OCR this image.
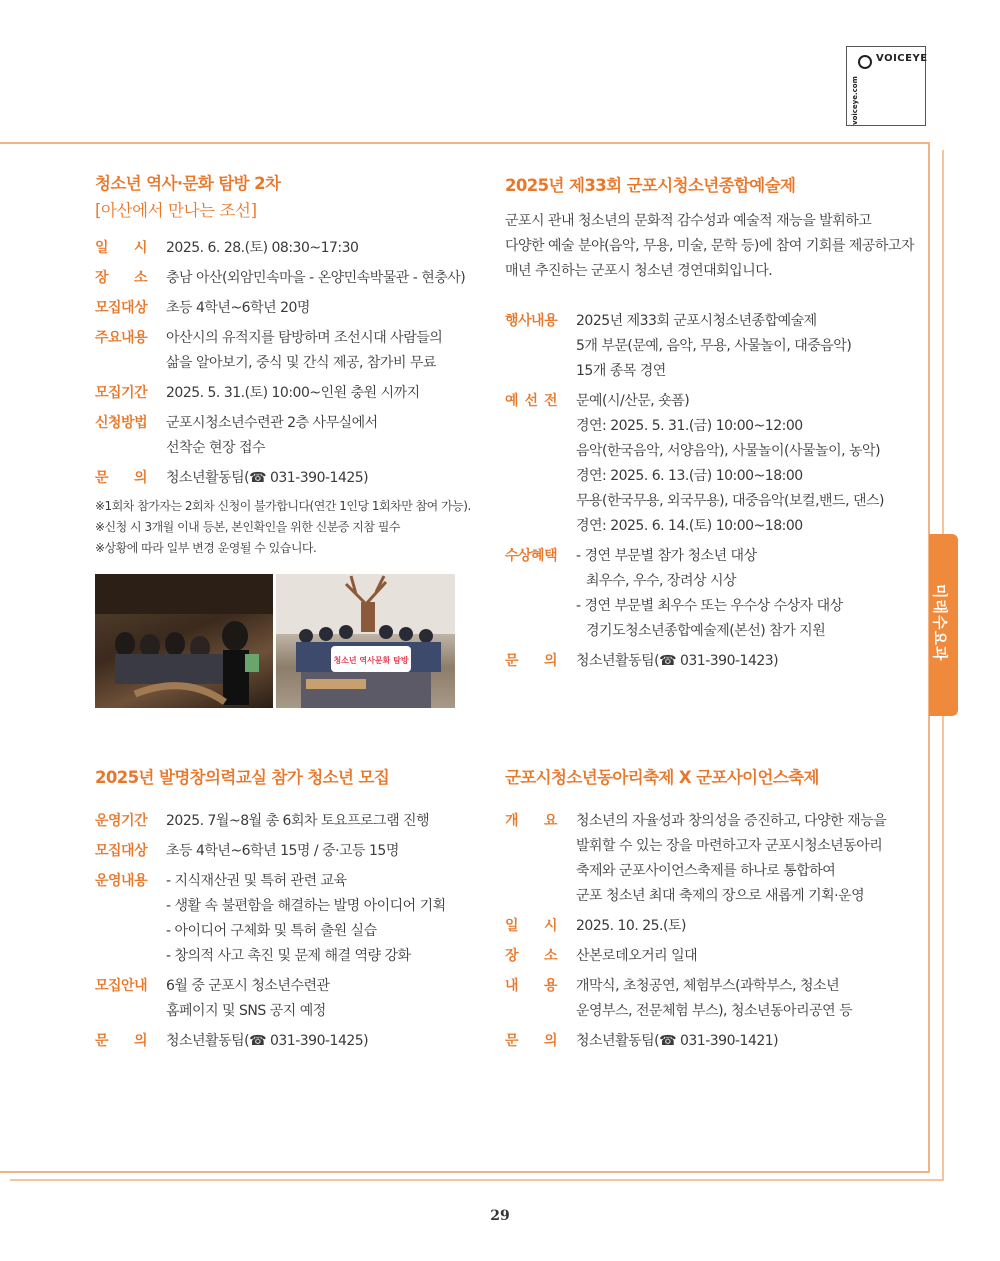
VOICEYE
voiceye.com
미래수요과
청소년 역사·문화 탐방 2차
[아산에서 만나는 조선]
일 시 2025. 6. 28.(토) 08:30~17:30
장 소 충남 아산(외암민속마을 - 온양민속박물관 - 현충사)
모집대상	초등 4학년~6학년 20명
주요내용	아산시의 유적지를 탐방하며 조선시대 사람들의
삶을 알아보기, 중식 및 간식 제공, 참가비 무료
모집기간	2025. 5. 31.(토) 10:00~인원 충원 시까지
신청방법	군포시청소년수련관 2층 사무실에서
선착순 현장 접수
문 의 청소년활동팀(☎ 031-390-1425)
※1회차 참가자는 2회차 신청이 불가합니다(연간 1인당 1회차만 참여 가능).
※신청 시 3개월 이내 등본, 본인확인을 위한 신분증 지참 필수
※상황에 따라 일부 변경 운영될 수 있습니다.
청소년 역사문화 탐방
2025년 제33회 군포시청소년종합예술제
군포시 관내 청소년의 문화적 감수성과 예술적 재능을 발휘하고
다양한 예술 분야(음악, 무용, 미술, 문학 등)에 참여 기회를 제공하고자
매년 추진하는 군포시 청소년 경연대회입니다.
행사내용	2025년 제33회 군포시청소년종합예술제
5개 부문(문예, 음악, 무용, 사물놀이, 대중음악)
15개 종목 경연
예 선 전 문예(시/산문, 숏폼)
경연: 2025. 5. 31.(금) 10:00~12:00
음악(한국음악, 서양음악), 사물놀이(사물놀이, 농악)
경연: 2025. 6. 13.(금) 10:00~18:00
무용(한국무용, 외국무용), 대중음악(보컬,밴드, 댄스)
경연: 2025. 6. 14.(토) 10:00~18:00
수상혜택	- 경연 부문별 참가 청소년 대상
최우수, 우수, 장려상 시상
- 경연 부문별 최우수 또는 우수상 수상자 대상
경기도청소년종합예술제(본선) 참가 지원
문 의 청소년활동팀(☎ 031-390-1423)
2025년 발명창의력교실 참가 청소년 모집
운영기간	2025. 7월~8월 총 6회차 토요프로그램 진행
모집대상	초등 4학년~6학년 15명 / 중·고등 15명
운영내용	- 지식재산권 및 특허 관련 교육
- 생활 속 불편함을 해결하는 발명 아이디어 기획
- 아이디어 구체화 및 특허 출원 실습
- 창의적 사고 촉진 및 문제 해결 역량 강화
모집안내	6월 중 군포시 청소년수련관
홈페이지 및 SNS 공지 예정
문 의 청소년활동팀(☎ 031-390-1425)
군포시청소년동아리축제 X 군포사이언스축제
개 요 청소년의 자율성과 창의성을 증진하고, 다양한 재능을
발휘할 수 있는 장을 마련하고자 군포시청소년동아리
축제와 군포사이언스축제를 하나로 통합하여
군포 청소년 최대 축제의 장으로 새롭게 기획·운영
일 시 2025. 10. 25.(토)
장 소 산본로데오거리 일대
내 용 개막식, 초청공연, 체험부스(과학부스, 청소년
운영부스, 전문체험 부스), 청소년동아리공연 등
문 의 청소년활동팀(☎ 031-390-1421)
29
